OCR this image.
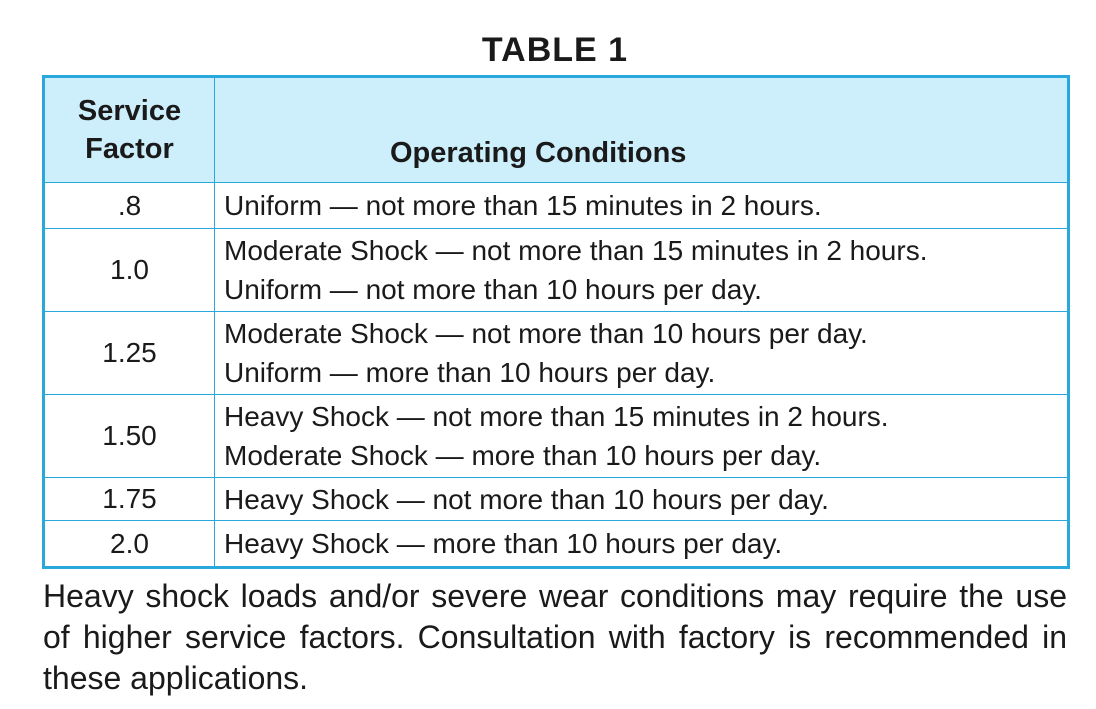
TABLE 1
Service
Factor	Operating Conditions
.8	Uniform — not more than 15 minutes in 2 hours.

1.0	Moderate Shock — not more than 15 minutes in 2 hours.
Uniform — not more than 10 hours per day.

1.25	Moderate Shock — not more than 10 hours per day.
Uniform — more than 10 hours per day.

1.50	Heavy Shock — not more than 15 minutes in 2 hours.
Moderate Shock — more than 10 hours per day.

1.75	Heavy Shock — not more than 10 hours per day.

2.0	Heavy Shock — more than 10 hours per day.

Heavy shock loads and/or severe wear conditions may require the use of higher service factors. Consultation with factory is recommended in these applications.
